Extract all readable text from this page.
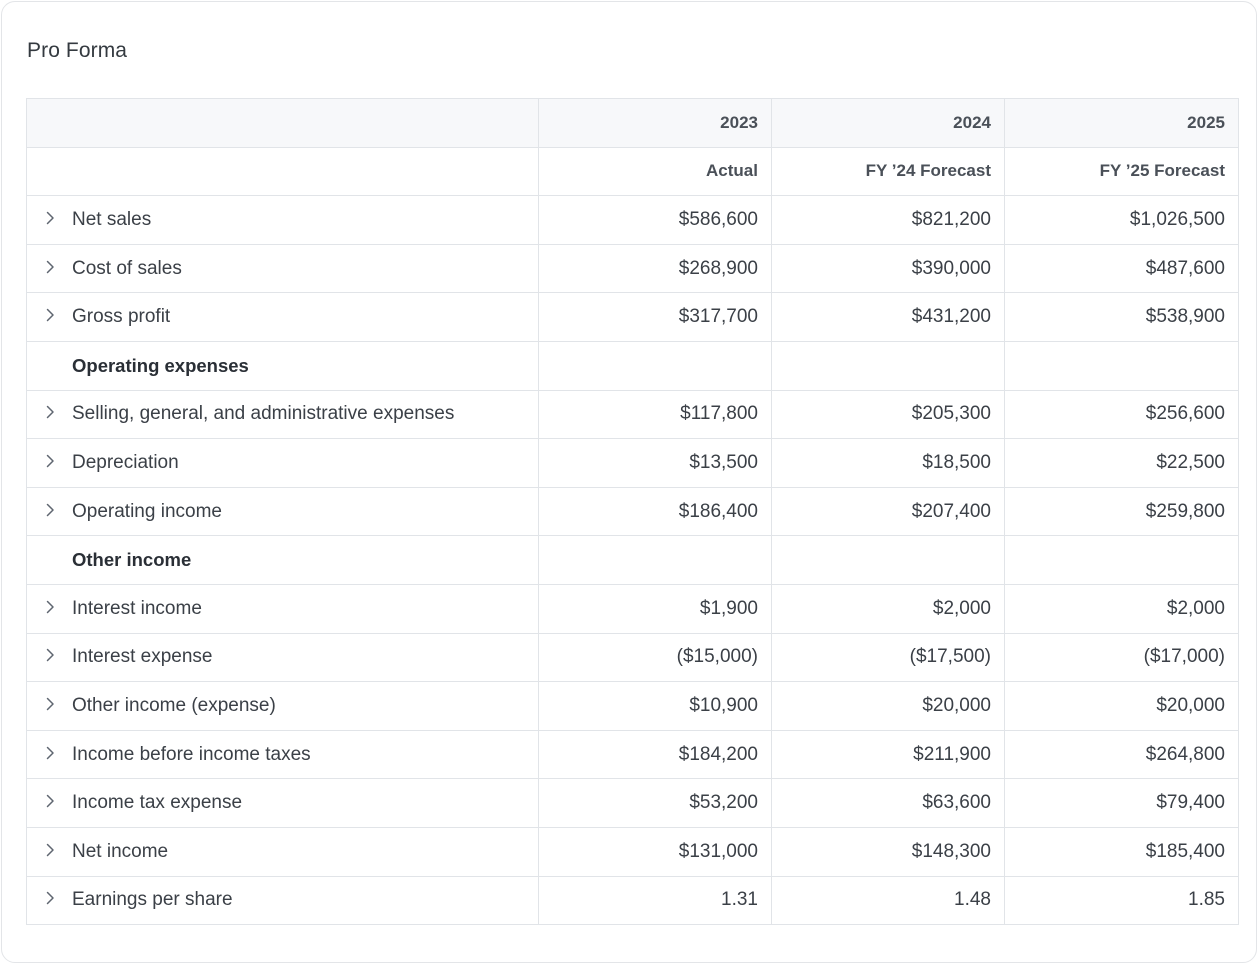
Pro Forma
	2023	2024	2025
	Actual	FY ’24 Forecast	FY ’25 Forecast

Net sales	$586,600	$821,200	$1,026,500

Cost of sales	$268,900	$390,000	$487,600

Gross profit	$317,700	$431,200	$538,900
Operating expenses			

Selling, general, and administrative expenses	$117,800	$205,300	$256,600

Depreciation	$13,500	$18,500	$22,500

Operating income	$186,400	$207,400	$259,800
Other income			

Interest income	$1,900	$2,000	$2,000

Interest expense	($15,000)	($17,500)	($17,000)

Other income (expense)	$10,900	$20,000	$20,000

Income before income taxes	$184,200	$211,900	$264,800

Income tax expense	$53,200	$63,600	$79,400

Net income	$131,000	$148,300	$185,400

Earnings per share	1.31	1.48	1.85
